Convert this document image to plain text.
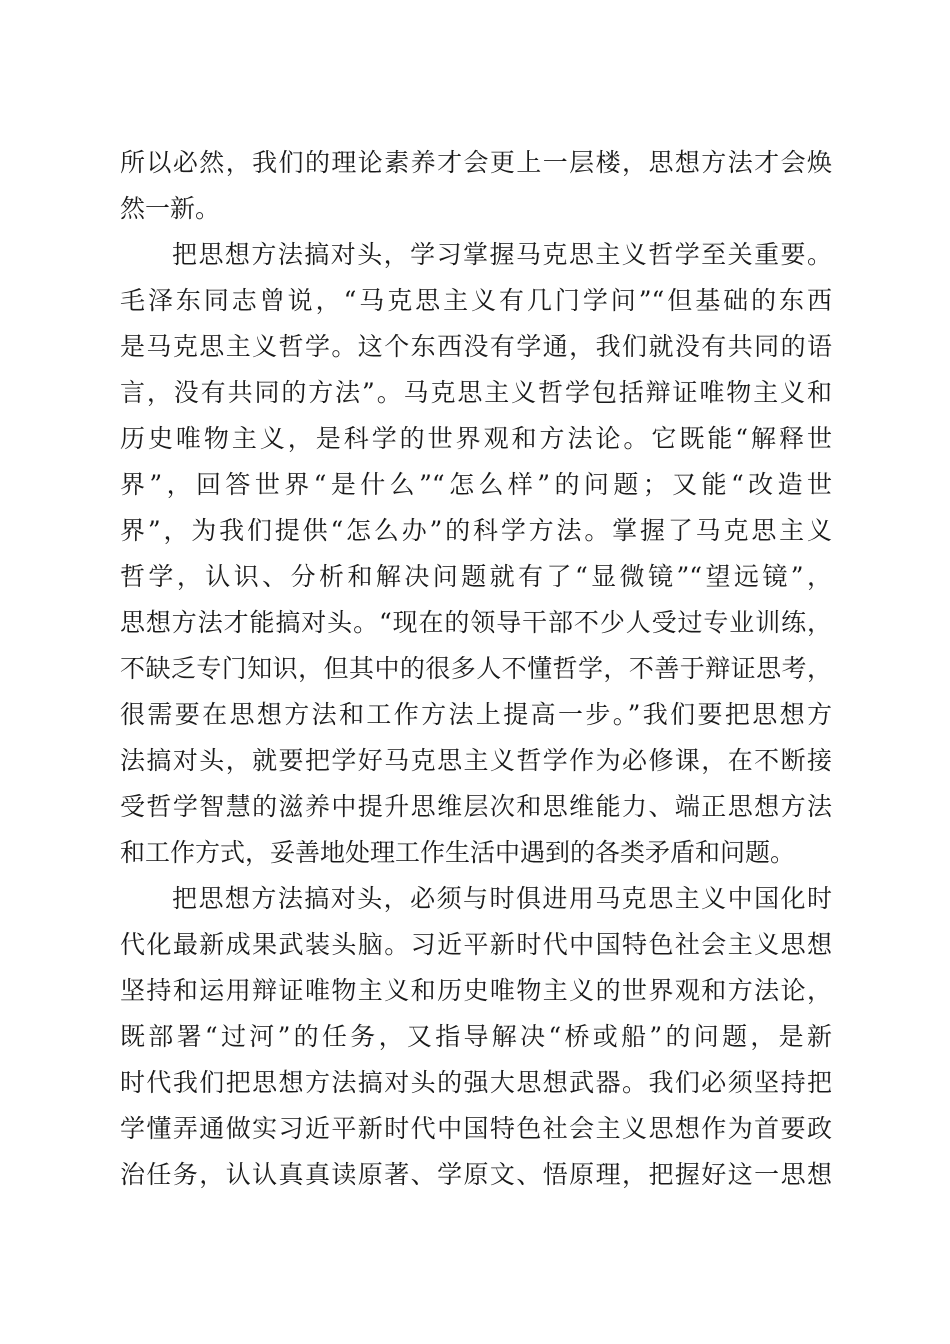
所以必然，我们的理论素养才会更上一层楼，思想方法才会焕
然一新。
把思想方法搞对头，学习掌握马克思主义哲学至关重要。
毛泽东同志曾说，“马克思主义有几门学问”“但基础的东西
是马克思主义哲学。这个东西没有学通，我们就没有共同的语
言，没有共同的方法”。马克思主义哲学包括辩证唯物主义和
历史唯物主义，是科学的世界观和方法论。它既能“解释世
界”，回答世界“是什么”“怎么样”的问题；又能“改造世
界”，为我们提供“怎么办”的科学方法。掌握了马克思主义
哲学，认识、分析和解决问题就有了“显微镜”“望远镜”，
思想方法才能搞对头。“现在的领导干部不少人受过专业训练，
不缺乏专门知识，但其中的很多人不懂哲学，不善于辩证思考，
很需要在思想方法和工作方法上提高一步。”我们要把思想方
法搞对头，就要把学好马克思主义哲学作为必修课，在不断接
受哲学智慧的滋养中提升思维层次和思维能力、端正思想方法
和工作方式，妥善地处理工作生活中遇到的各类矛盾和问题。
把思想方法搞对头，必须与时俱进用马克思主义中国化时
代化最新成果武装头脑。习近平新时代中国特色社会主义思想
坚持和运用辩证唯物主义和历史唯物主义的世界观和方法论，
既部署“过河”的任务，又指导解决“桥或船”的问题，是新
时代我们把思想方法搞对头的强大思想武器。我们必须坚持把
学懂弄通做实习近平新时代中国特色社会主义思想作为首要政
治任务，认认真真读原著、学原文、悟原理，把握好这一思想
